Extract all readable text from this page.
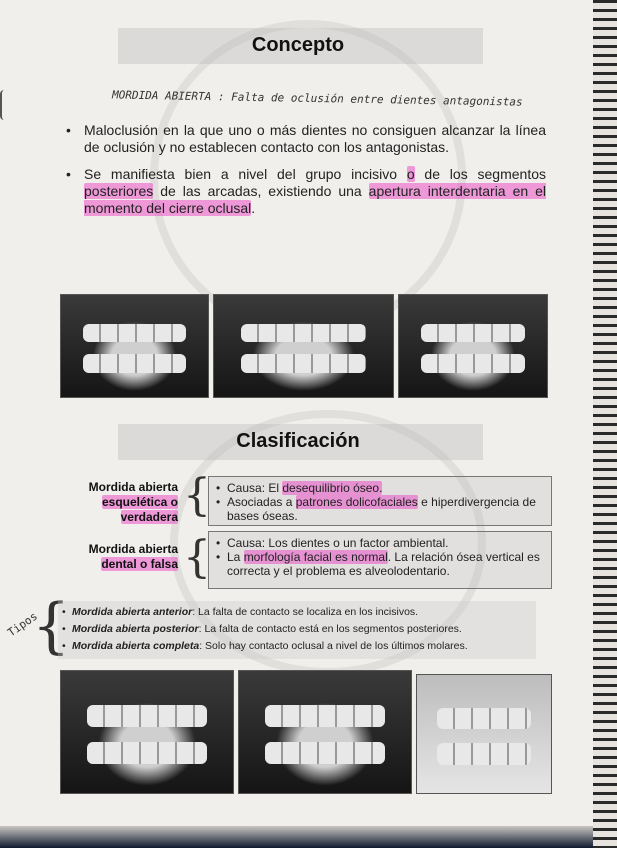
Concepto
MORDIDA ABIERTA : Falta de oclusión entre dientes antagonistas
• Maloclusión en la que uno o más dientes no consiguen alcanzar la línea de oclusión y no establecen contacto con los antagonistas.
• Se manifiesta bien a nivel del grupo incisivo o de los segmentos posteriores de las arcadas, existiendo una apertura interdentaria en el momento del cierre oclusal.
Clasificación
Mordida abierta
esquelética o
verdadera {	• Causa: El desequilibrio óseo.
• Asociadas a patrones dolicofaciales e hiperdivergencia de bases óseas.
Mordida abierta
dental o falsa {	• Causa: Los dientes o un factor ambiental.
• La morfología facial es normal. La relación ósea vertical es correcta y el problema es alveolodentario.
Tipos
{ • Mordida abierta anterior: La falta de contacto se localiza en los incisivos.
• Mordida abierta posterior: La falta de contacto está en los segmentos posteriores.
• Mordida abierta completa: Solo hay contacto oclusal a nivel de los últimos molares.
